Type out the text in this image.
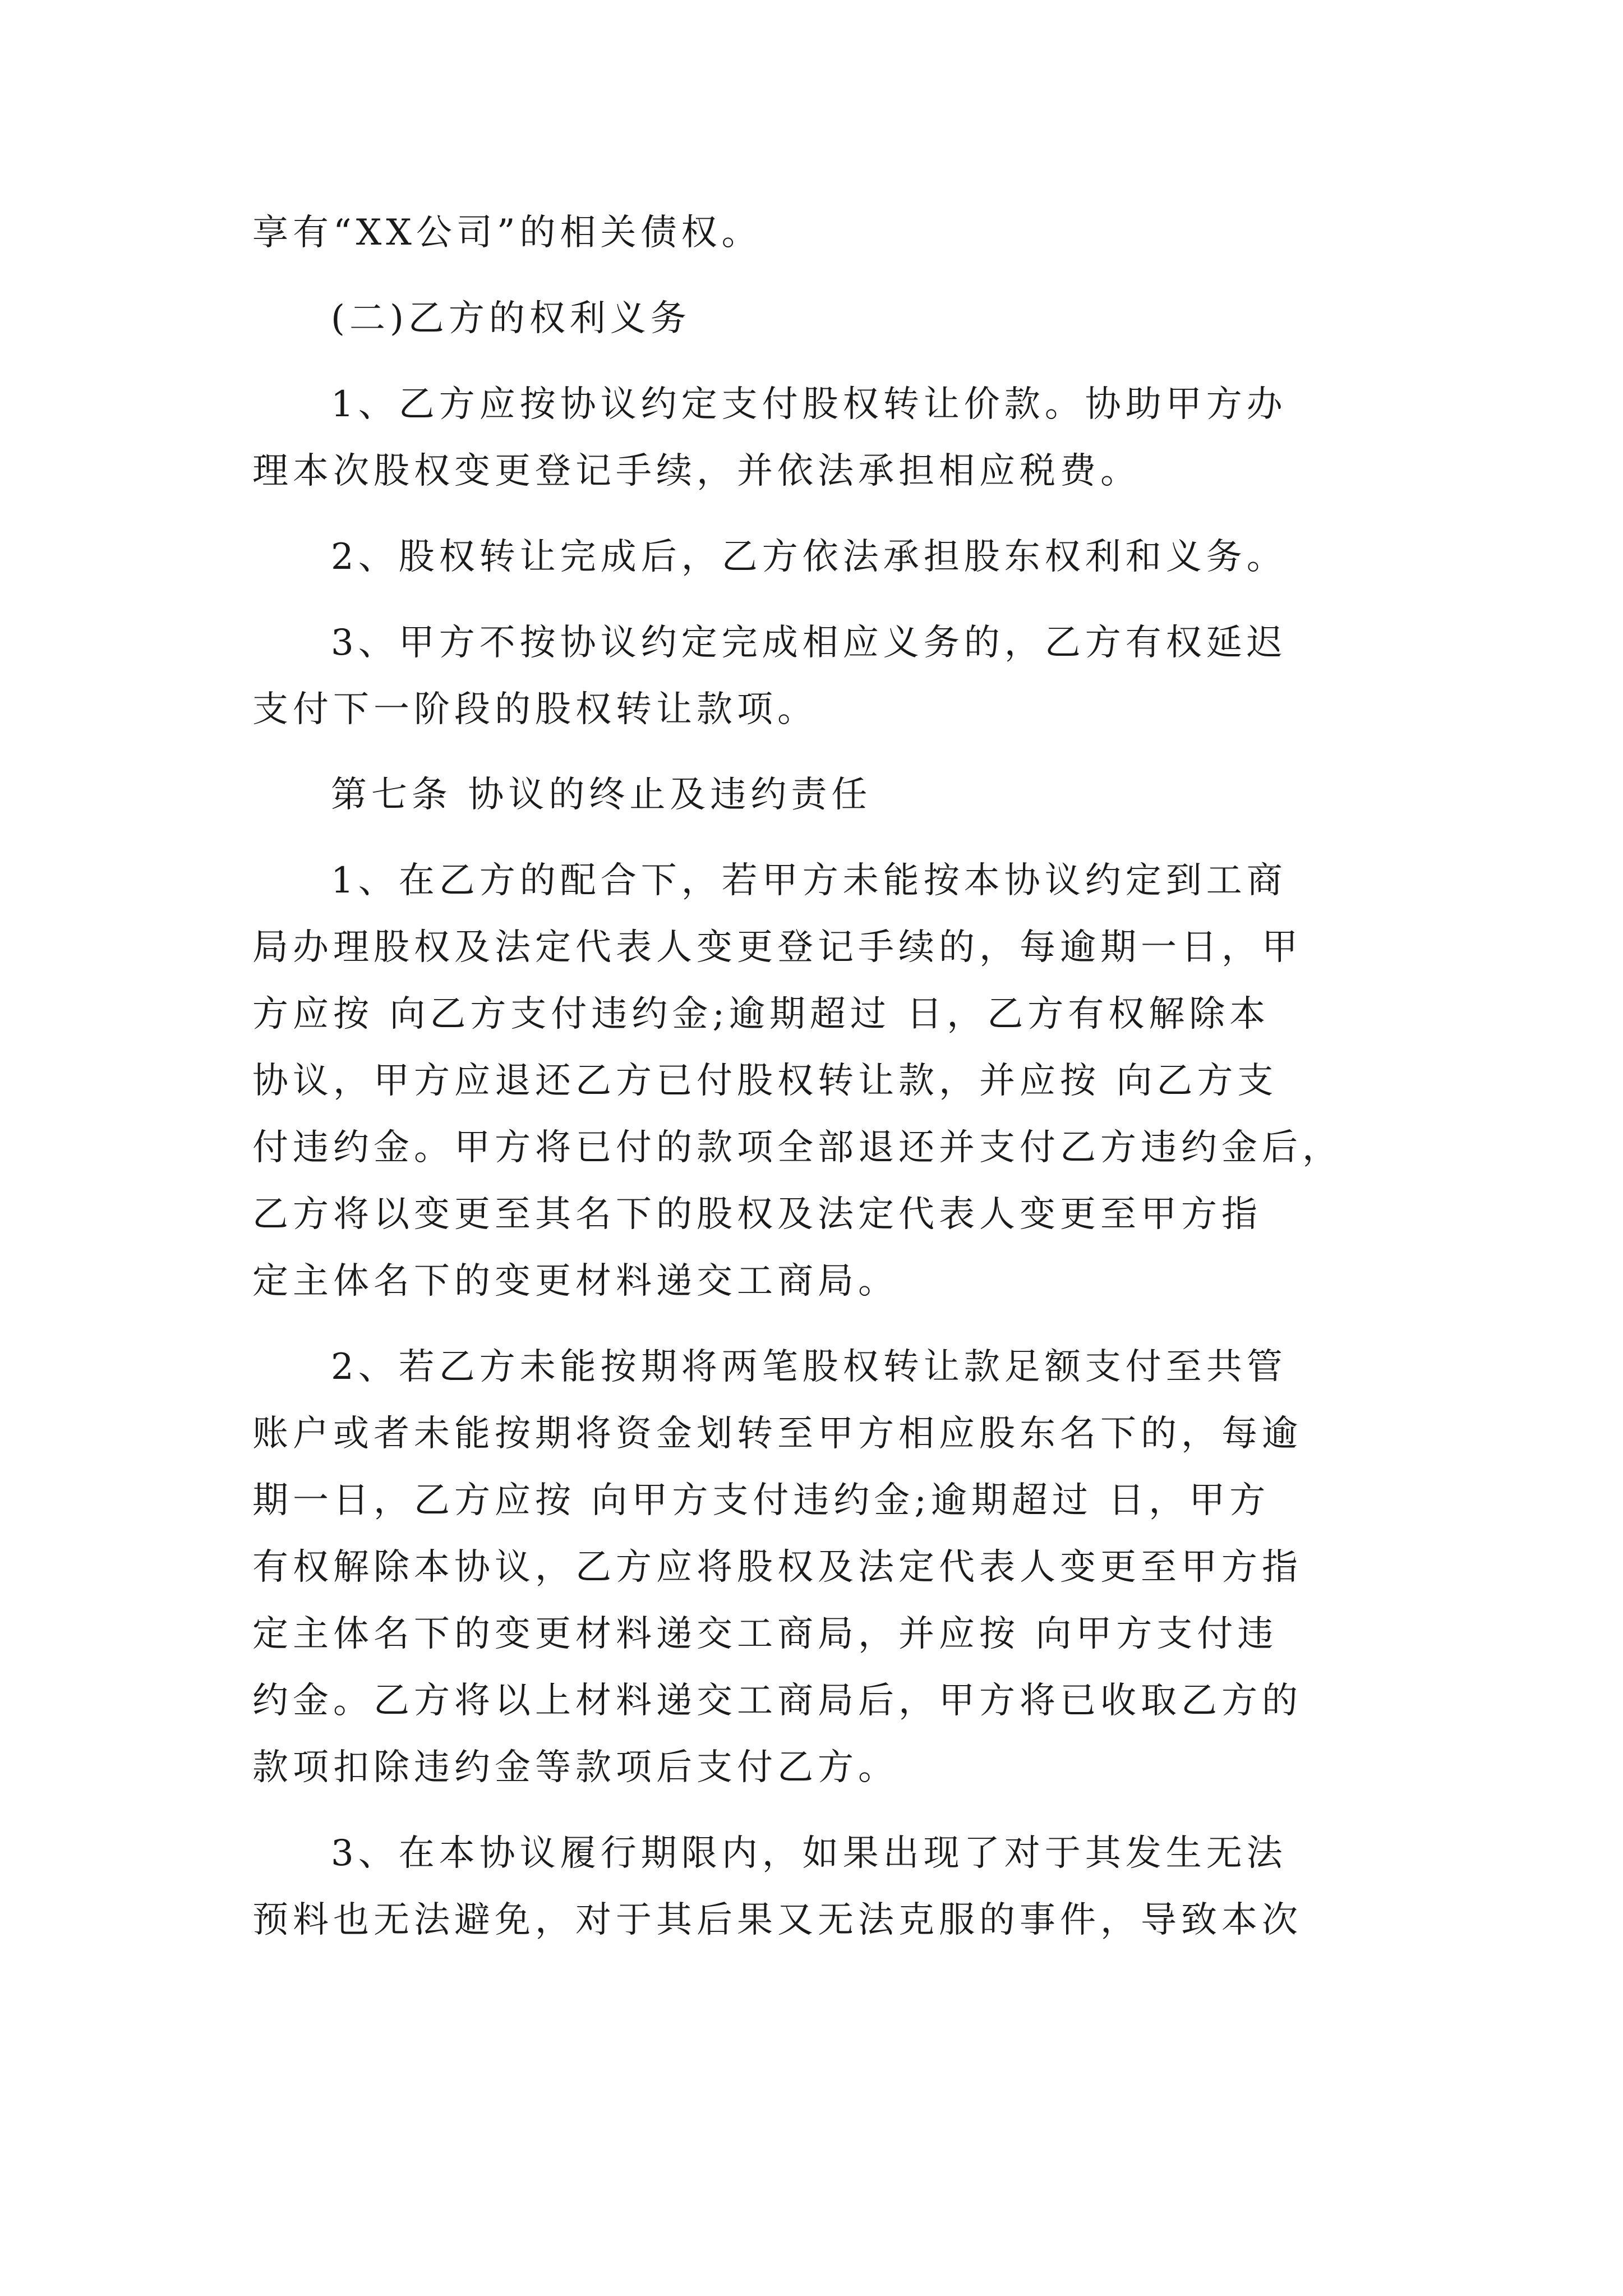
享有“XX公司”的相关债权。

(二)乙方的权利义务

1、乙方应按协议约定支付股权转让价款。协助甲方办

理本次股权变更登记手续，并依法承担相应税费。

2、股权转让完成后，乙方依法承担股东权利和义务。

3、甲方不按协议约定完成相应义务的，乙方有权延迟

支付下一阶段的股权转让款项。

第七条 协议的终止及违约责任

1、在乙方的配合下，若甲方未能按本协议约定到工商

局办理股权及法定代表人变更登记手续的，每逾期一日，甲

方应按 向乙方支付违约金;逾期超过 日，乙方有权解除本

协议，甲方应退还乙方已付股权转让款，并应按 向乙方支

付违约金。甲方将已付的款项全部退还并支付乙方违约金后，

乙方将以变更至其名下的股权及法定代表人变更至甲方指

定主体名下的变更材料递交工商局。

2、若乙方未能按期将两笔股权转让款足额支付至共管

账户或者未能按期将资金划转至甲方相应股东名下的，每逾

期一日，乙方应按 向甲方支付违约金;逾期超过 日，甲方

有权解除本协议，乙方应将股权及法定代表人变更至甲方指

定主体名下的变更材料递交工商局，并应按 向甲方支付违

约金。乙方将以上材料递交工商局后，甲方将已收取乙方的

款项扣除违约金等款项后支付乙方。

3、在本协议履行期限内，如果出现了对于其发生无法

预料也无法避免，对于其后果又无法克服的事件，导致本次
